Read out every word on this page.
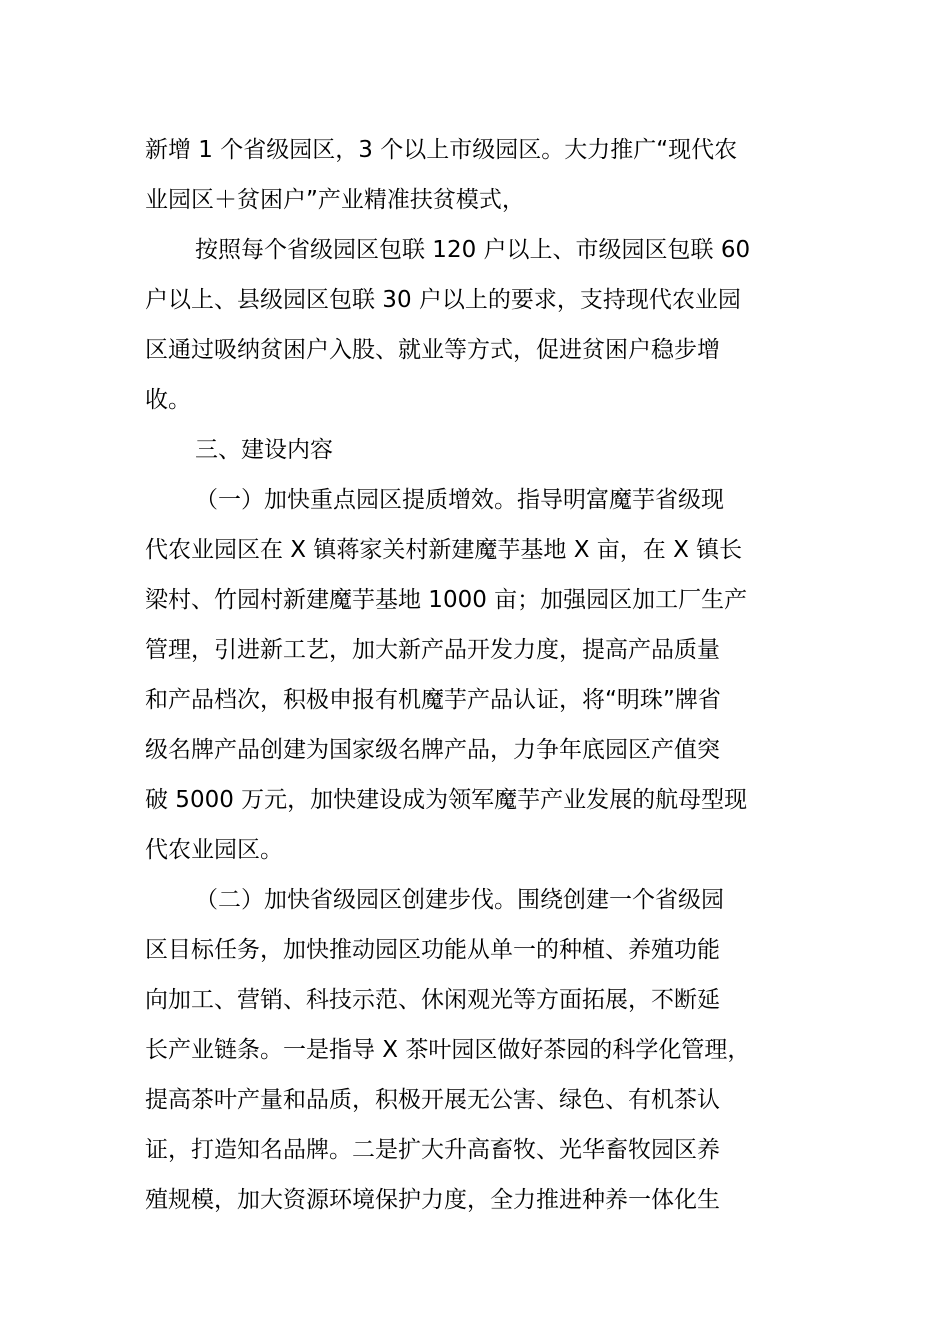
新增 1 个省级园区，3 个以上市级园区。大力推广“现代农
业园区＋贫困户”产业精准扶贫模式，
按照每个省级园区包联 120 户以上、市级园区包联 60
户以上、县级园区包联 30 户以上的要求，支持现代农业园
区通过吸纳贫困户入股、就业等方式，促进贫困户稳步增
收。
三、建设内容
（一）加快重点园区提质增效。指导明富魔芋省级现
代农业园区在 X 镇蒋家关村新建魔芋基地 X 亩，在 X 镇长
梁村、竹园村新建魔芋基地 1000 亩；加强园区加工厂生产
管理，引进新工艺，加大新产品开发力度，提高产品质量
和产品档次，积极申报有机魔芋产品认证，将“明珠”牌省
级名牌产品创建为国家级名牌产品，力争年底园区产值突
破 5000 万元，加快建设成为领军魔芋产业发展的航母型现
代农业园区。
（二）加快省级园区创建步伐。围绕创建一个省级园
区目标任务，加快推动园区功能从单一的种植、养殖功能
向加工、营销、科技示范、休闲观光等方面拓展，不断延
长产业链条。一是指导 X 茶叶园区做好茶园的科学化管理，
提高茶叶产量和品质，积极开展无公害、绿色、有机茶认
证，打造知名品牌。二是扩大升高畜牧、光华畜牧园区养
殖规模，加大资源环境保护力度，全力推进种养一体化生
